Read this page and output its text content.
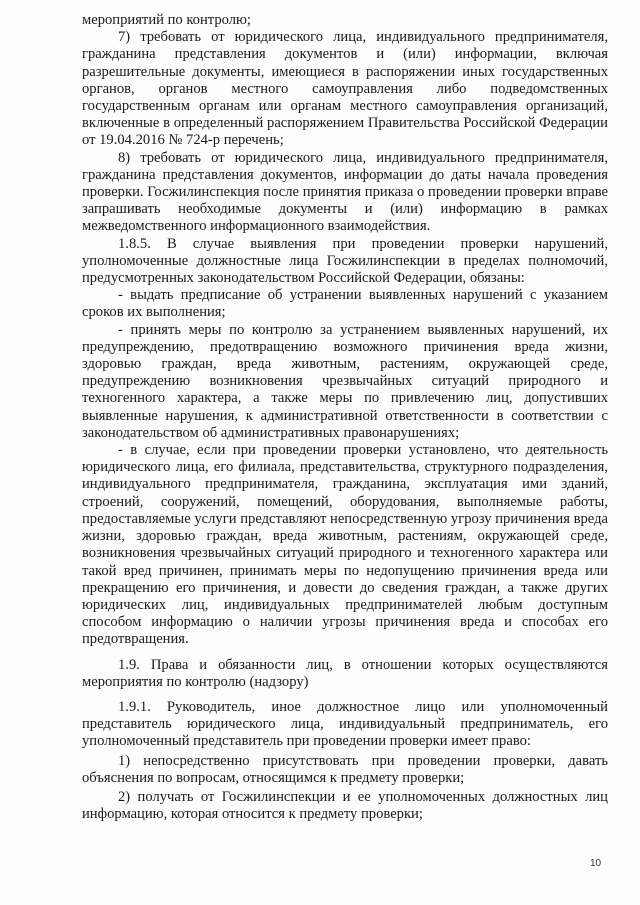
мероприятий по контролю;

7) требовать от юридического лица, индивидуального предпринимателя, гражданина представления документов и (или) информации, включая разрешительные документы, имеющиеся в распоряжении иных государственных органов, органов местного самоуправления либо подведомственных государственным органам или органам местного самоуправления организаций, включенные в определенный распоряжением Правительства Российской Федерации от 19.04.2016 № 724-р перечень;

8) требовать от юридического лица, индивидуального предпринимателя, гражданина представления документов, информации до даты начала проведения проверки. Госжилинспекция после принятия приказа о проведении проверки вправе запрашивать необходимые документы и (или) информацию в рамках межведомственного информационного взаимодействия.

1.8.5. В случае выявления при проведении проверки нарушений, уполномоченные должностные лица Госжилинспекции в пределах полномочий, предусмотренных законодательством Российской Федерации, обязаны:

- выдать предписание об устранении выявленных нарушений с указанием сроков их выполнения;

- принять меры по контролю за устранением выявленных нарушений, их предупреждению, предотвращению возможного причинения вреда жизни, здоровью граждан, вреда животным, растениям, окружающей среде, предупреждению возникновения чрезвычайных ситуаций природного и техногенного характера, а также меры по привлечению лиц, допустивших выявленные нарушения, к административной ответственности в соответствии с законодательством об административных правонарушениях;

- в случае, если при проведении проверки установлено, что деятельность юридического лица, его филиала, представительства, структурного подразделения, индивидуального предпринимателя, гражданина, эксплуатация ими зданий, строений, сооружений, помещений, оборудования, выполняемые работы, предоставляемые услуги представляют непосредственную угрозу причинения вреда жизни, здоровью граждан, вреда животным, растениям, окружающей среде, возникновения чрезвычайных ситуаций природного и техногенного характера или такой вред причинен, принимать меры по недопущению причинения вреда или прекращению его причинения, и довести до сведения граждан, а также других юридических лиц, индивидуальных предпринимателей любым доступным способом информацию о наличии угрозы причинения вреда и способах его предотвращения.

1.9. Права и обязанности лиц, в отношении которых осуществляются мероприятия по контролю (надзору)

1.9.1. Руководитель, иное должностное лицо или уполномоченный представитель юридического лица, индивидуальный предприниматель, его уполномоченный представитель при проведении проверки имеет право:

1) непосредственно присутствовать при проведении проверки, давать объяснения по вопросам, относящимся к предмету проверки;

2) получать от Госжилинспекции и ее уполномоченных должностных лиц информацию, которая относится к предмету проверки;

10
